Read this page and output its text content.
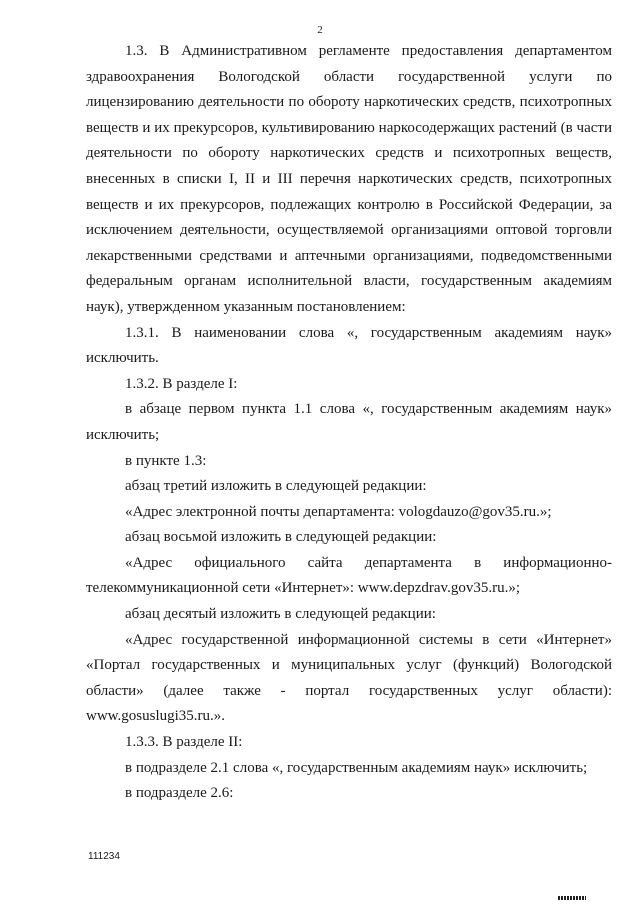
2

1.3. В Административном регламенте предоставления департаментом здравоохранения Вологодской области государственной услуги по лицензированию деятельности по обороту наркотических средств, психотропных веществ и их прекурсоров, культивированию наркосодержащих растений (в части деятельности по обороту наркотических средств и психотропных веществ, внесенных в списки I, II и III перечня наркотических средств, психотропных веществ и их прекурсоров, подлежащих контролю в Российской Федерации, за исключением деятельности, осуществляемой организациями оптовой торговли лекарственными средствами и аптечными организациями, подведомственными федеральным органам исполнительной власти, государственным академиям наук), утвержденном указанным постановлением:

1.3.1. В наименовании слова «, государственным академиям наук» исключить.

1.3.2. В разделе I:

в абзаце первом пункта 1.1 слова «, государственным академиям наук» исключить;

в пункте 1.3:

абзац третий изложить в следующей редакции:

«Адрес электронной почты департамента: vologdauzo@gov35.ru.»;

абзац восьмой изложить в следующей редакции:

«Адрес официального сайта департамента в информационно-телекоммуникационной сети «Интернет»: www.depzdrav.gov35.ru.»;

абзац десятый изложить в следующей редакции:

«Адрес государственной информационной системы в сети «Интернет» «Портал государственных и муниципальных услуг (функций) Вологодской области» (далее также - портал государственных услуг области): www.gosuslugi35.ru.».

1.3.3. В разделе II:

в подразделе 2.1 слова «, государственным академиям наук» исключить;

в подразделе 2.6:

111234
